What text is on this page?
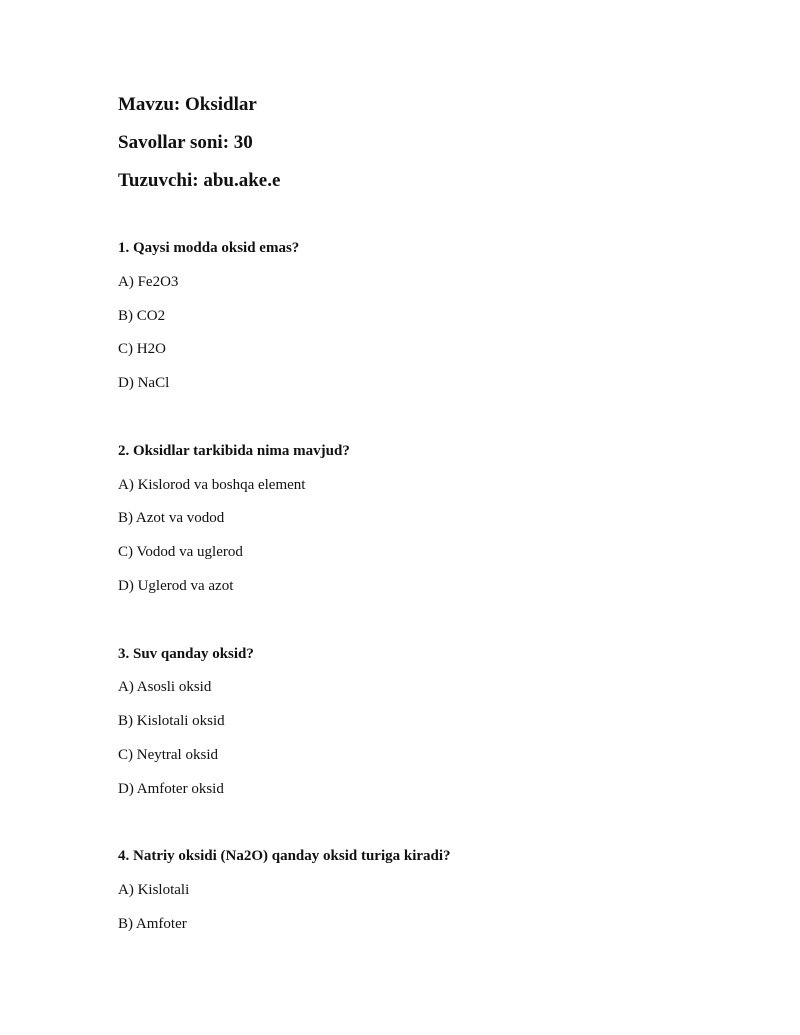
Mavzu: Oksidlar
Savollar soni: 30
Tuzuvchi: abu.ake.e
1. Qaysi modda oksid emas?
A) Fe2O3
B) CO2
C) H2O
D) NaCl
2. Oksidlar tarkibida nima mavjud?
A) Kislorod va boshqa element
B) Azot va vodod
C) Vodod va uglerod
D) Uglerod va azot
3. Suv qanday oksid?
A) Asosli oksid
B) Kislotali oksid
C) Neytral oksid
D) Amfoter oksid
4. Natriy oksidi (Na2O) qanday oksid turiga kiradi?
A) Kislotali
B) Amfoter
